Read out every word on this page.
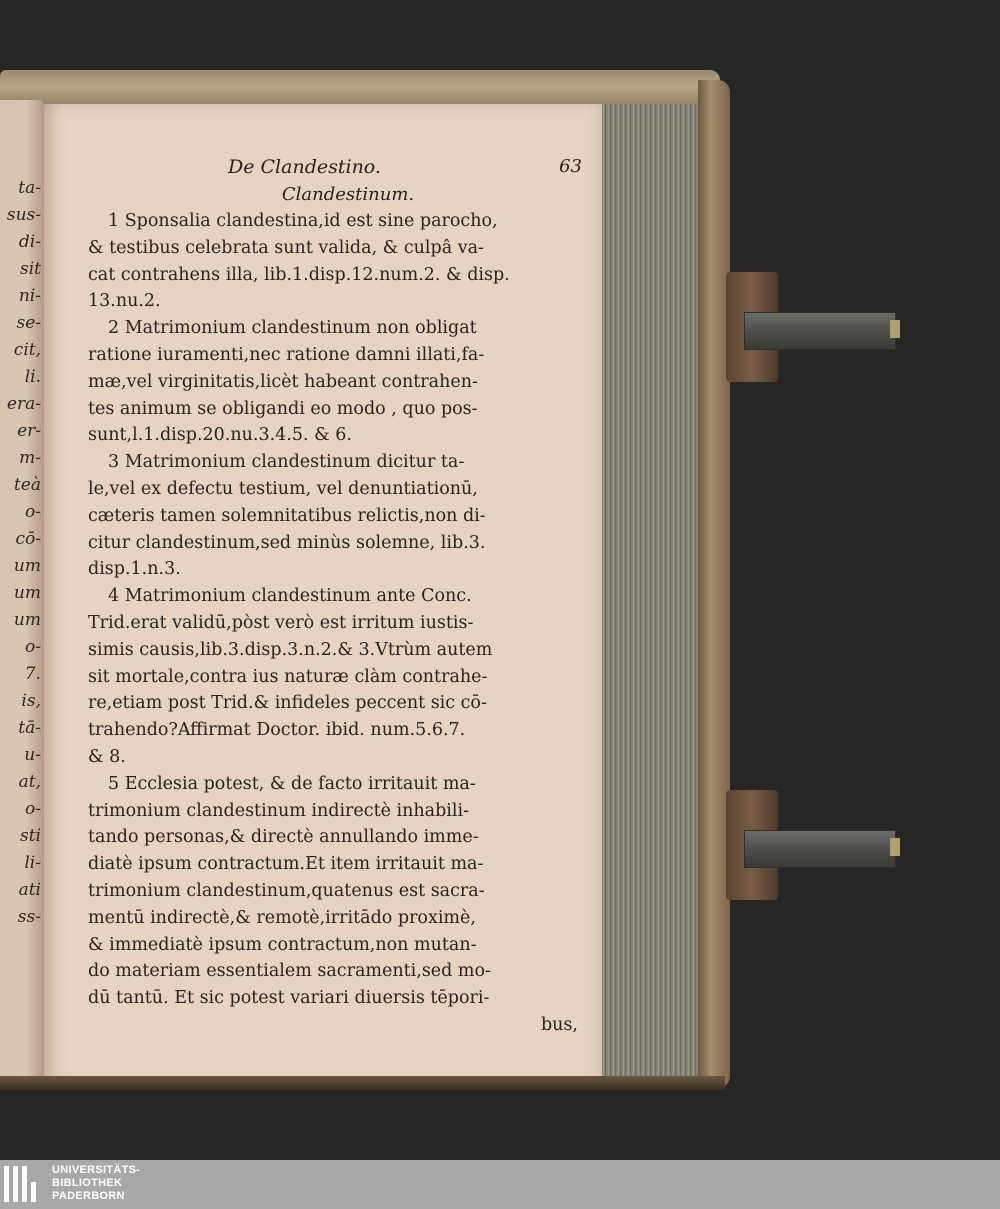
ta-
sus-
di-
sit
ni-
se-
cit,
li.
era-
er-
m-
teà
o-
cō-
um
um
um
o-
7.
is,
tā-
u-
at,
o-
sti
li-
ati
ss-
De Clandestino.	63
Clandestinum.
1 Sponsalia clandestina,id est sine parocho,
& testibus celebrata sunt valida, & culpâ va-
cat contrahens illa, lib.1.disp.12.num.2. & disp.
13.nu.2.
2 Matrimonium clandestinum non obligat
ratione iuramenti,nec ratione damni illati,fa-
mæ,vel virginitatis,licèt habeant contrahen-
tes animum se obligandi eo modo , quo pos-
sunt,l.1.disp.20.nu.3.4.5. & 6.
3 Matrimonium clandestinum dicitur ta-
le,vel ex defectu testium, vel denuntiationū,
cæteris tamen solemnitatibus relictis,non di-
citur clandestinum,sed minùs solemne, lib.3.
disp.1.n.3.
4 Matrimonium clandestinum ante Conc.
Trid.erat validū,pòst verò est irritum iustis-
simis causis,lib.3.disp.3.n.2.& 3.Vtrùm autem
sit mortale,contra ius naturæ clàm contrahe-
re,etiam post Trid.& infideles peccent sic cō-
trahendo?Affirmat Doctor. ibid. num.5.6.7.
& 8.
5 Ecclesia potest, & de facto irritauit ma-
trimonium clandestinum indirectè inhabili-
tando personas,& directè annullando imme-
diatè ipsum contractum.Et item irritauit ma-
trimonium clandestinum,quatenus est sacra-
mentū indirectè,& remotè,irritādo proximè,
& immediatè ipsum contractum,non mutan-
do materiam essentialem sacramenti,sed mo-
dū tantū. Et sic potest variari diuersis tēpori-
bus,
UNIVERSITÄTS-
BIBLIOTHEK
PADERBORN
